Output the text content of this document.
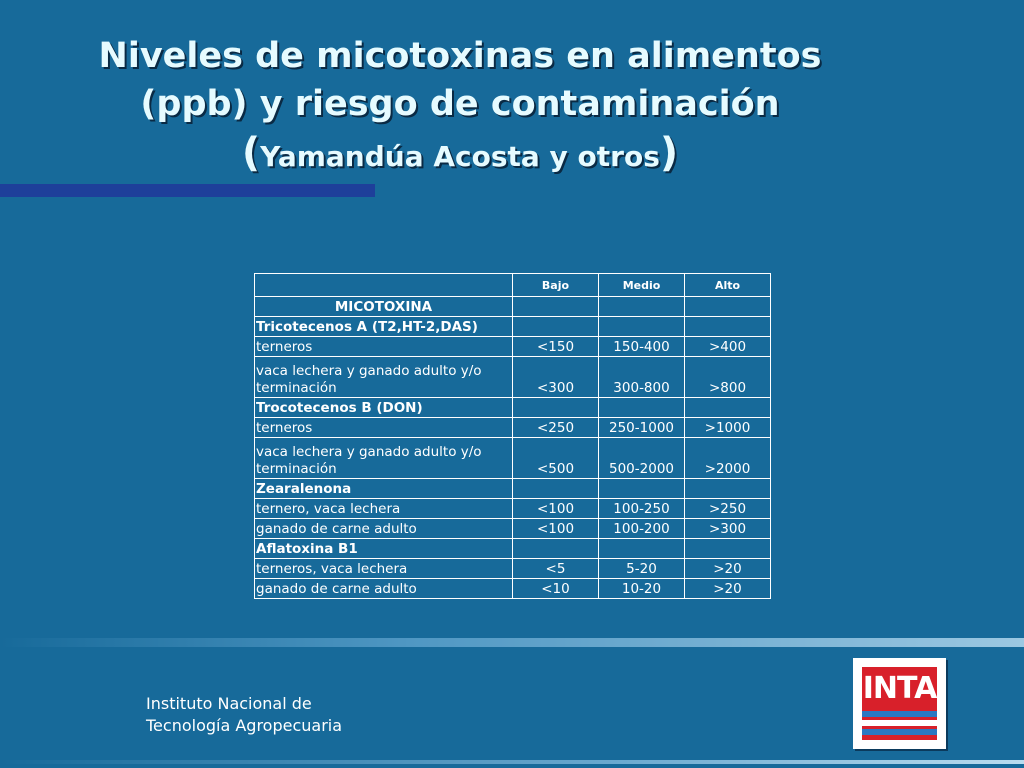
Niveles de micotoxinas en alimentos
(ppb) y riesgo de contaminación
(Yamandúa Acosta y otros)
	Bajo	Medio	Alto
MICOTOXINA			
Tricotecenos A (T2,HT-2,DAS)			
terneros	<150	150-400	>400
vaca lechera y ganado adulto y/o terminación	<300	300-800	>800
Trocotecenos B (DON)			
terneros	<250	250-1000	>1000
vaca lechera y ganado adulto y/o terminación	<500	500-2000	>2000
Zearalenona			
ternero, vaca lechera	<100	100-250	>250
ganado de carne adulto	<100	100-200	>300
Aflatoxina B1			
terneros, vaca lechera	<5	5-20	>20
ganado de carne adulto	<10	10-20	>20
Instituto Nacional de
Tecnología Agropecuaria
INTA
